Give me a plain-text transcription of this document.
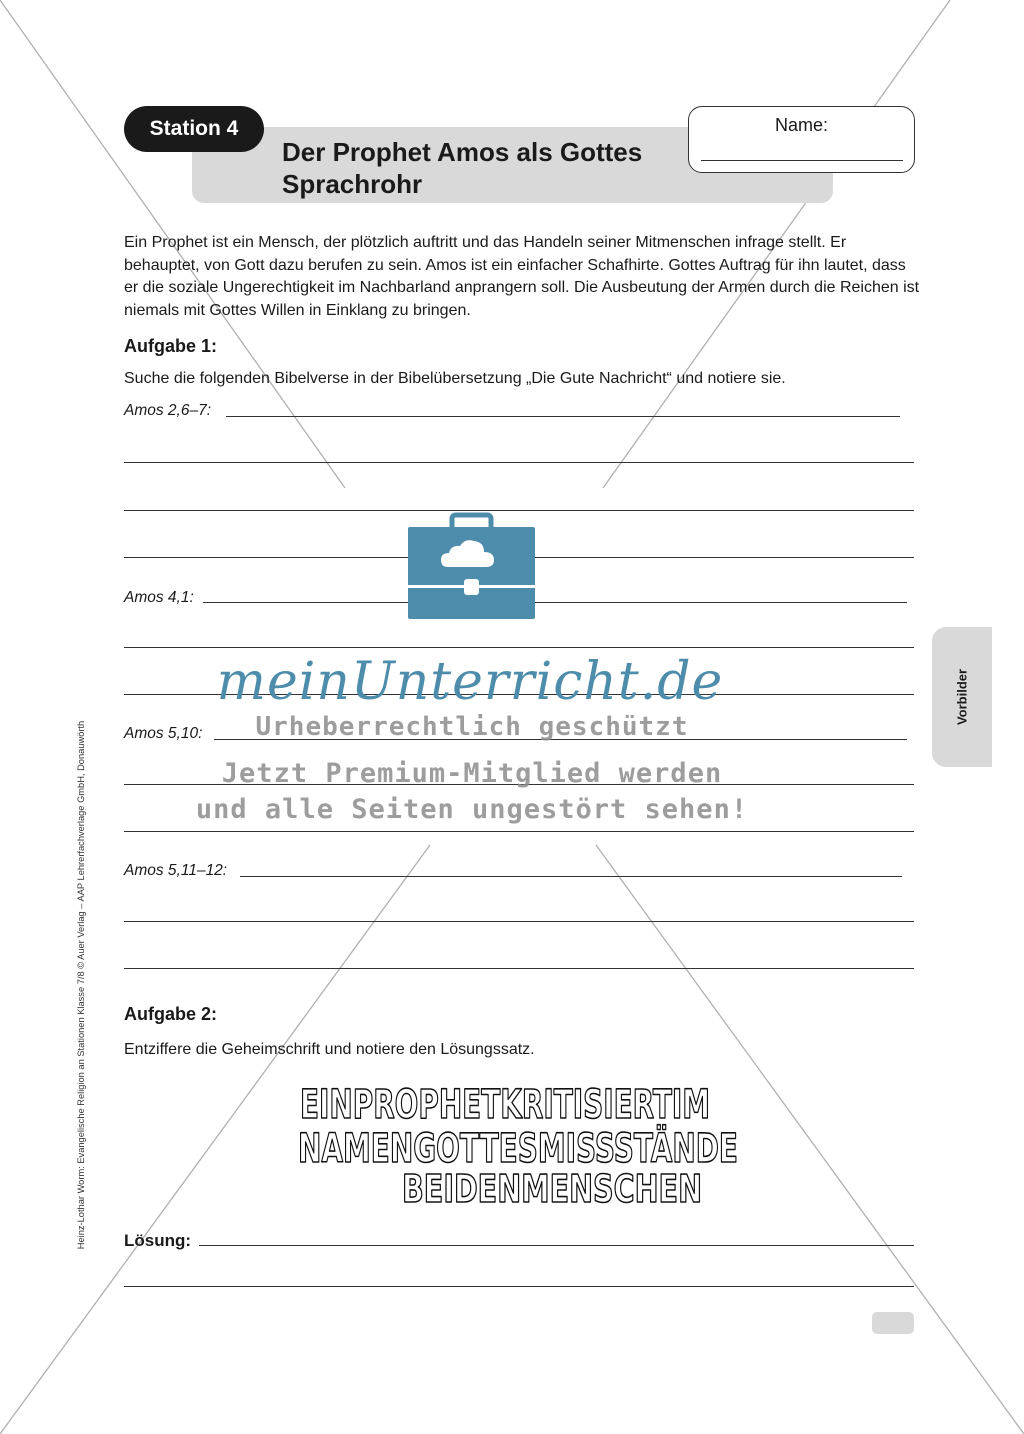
Station 4
Der Prophet Amos als Gottes
Sprachrohr
Name:
Ein Prophet ist ein Mensch, der plötzlich auftritt und das Handeln seiner Mitmenschen infrage stellt. Er behauptet, von Gott dazu berufen zu sein. Amos ist ein einfacher Schafhirte. Gottes Auftrag für ihn lautet, dass er die soziale Ungerechtigkeit im Nachbarland anprangern soll. Die Ausbeutung der Armen durch die Reichen ist niemals mit Gottes Willen in Einklang zu bringen.
Aufgabe 1:
Suche die folgenden Bibelverse in der Bibelübersetzung „Die Gute Nachricht“ und notiere sie.
Amos 2,6–7:
Amos 4,1:
Amos 5,10:
Amos 5,11–12:
Aufgabe 2:
Entziffere die Geheimschrift und notiere den Lösungssatz.
EINPROPHETKRITISIERTIM
NAMENGOTTESMISSSTÄNDE
BEIDENMENSCHEN
Lösung:
Vorbilder
Heinz-Lothar Worm: Evangelische Religion an Stationen Klasse 7/8 © Auer Verlag – AAP Lehrerfachverlage GmbH, Donauwörth
meinUnterricht.de
Urheberrechtlich geschützt
Jetzt Premium-Mitglied werden
und alle Seiten ungestört sehen!
